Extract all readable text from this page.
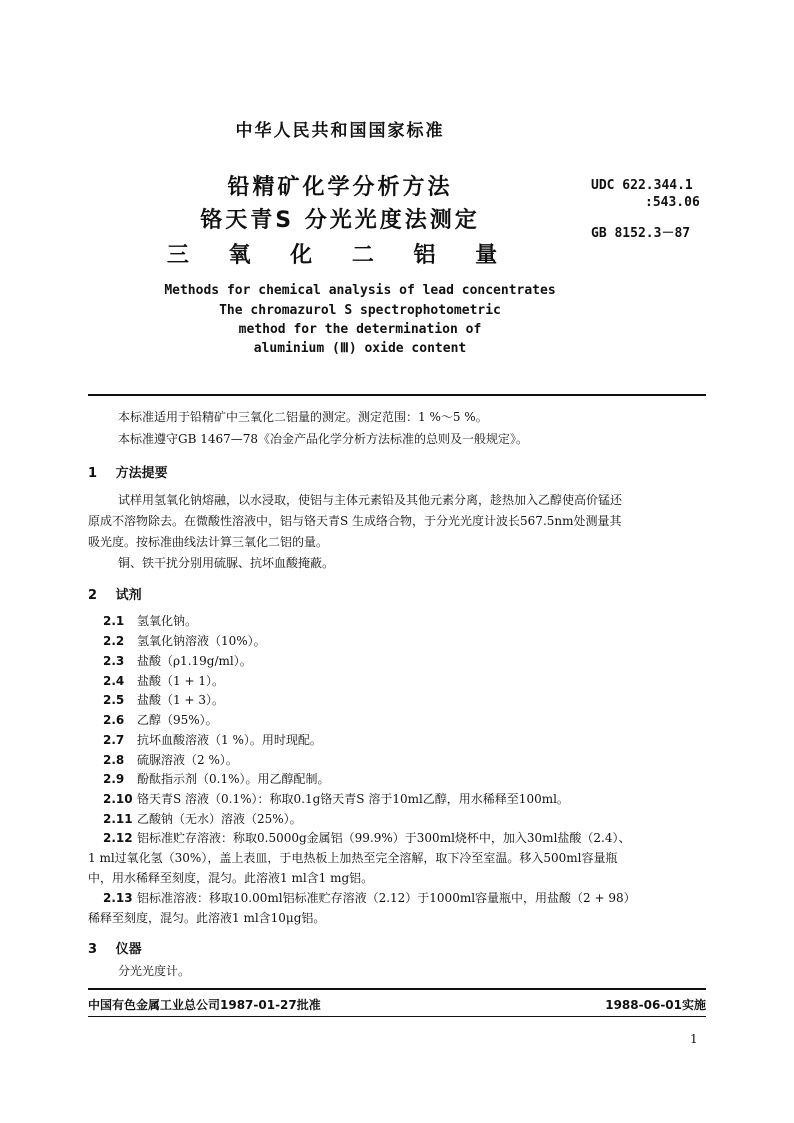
中华人民共和国国家标准
铅精矿化学分析方法
铬天青S 分光光度法测定
三 氧 化 二 铝 量
UDC 622.344.1
:543.06
GB 8152.3－87
Methods for chemical analysis of lead concentrates
The chromazurol S spectrophotometric
method for the determination of
aluminium (Ⅲ) oxide content
本标准适用于铅精矿中三氧化二铝量的测定。测定范围：1 %～5 %。
本标准遵守GB 1467—78《冶金产品化学分析方法标准的总则及一般规定》。
1 方法提要
试样用氢氧化钠熔融，以水浸取，使铝与主体元素铅及其他元素分离，趁热加入乙醇使高价锰还
原成不溶物除去。在微酸性溶液中，铝与铬天青S 生成络合物，于分光光度计波长567.5nm处测量其
吸光度。按标准曲线法计算三氧化二铝的量。
铜、铁干扰分别用硫脲、抗坏血酸掩蔽。
2 试剂
2.1 氢氧化钠。
2.2 氢氧化钠溶液（10%）。
2.3 盐酸（ρ1.19g/ml）。
2.4 盐酸（1 + 1）。
2.5 盐酸（1 + 3）。
2.6 乙醇（95%）。
2.7 抗坏血酸溶液（1 %）。用时现配。
2.8 硫脲溶液（2 %）。
2.9 酚酞指示剂（0.1%）。用乙醇配制。
2.10 铬天青S 溶液（0.1%）：称取0.1g铬天青S 溶于10ml乙醇，用水稀释至100ml。
2.11 乙酸钠（无水）溶液（25%）。
2.12 铝标准贮存溶液：称取0.5000g金属铝（99.9%）于300ml烧杯中，加入30ml盐酸（2.4）、
1 ml过氧化氢（30%），盖上表皿，于电热板上加热至完全溶解，取下冷至室温。移入500ml容量瓶
中，用水稀释至刻度，混匀。此溶液1 ml含1 mg铝。
2.13 铝标准溶液：移取10.00ml铝标准贮存溶液（2.12）于1000ml容量瓶中，用盐酸（2 + 98）
稀释至刻度，混匀。此溶液1 ml含10μg铝。
3 仪器
分光光度计。
中国有色金属工业总公司1987-01-27批准	1988-06-01实施
1
